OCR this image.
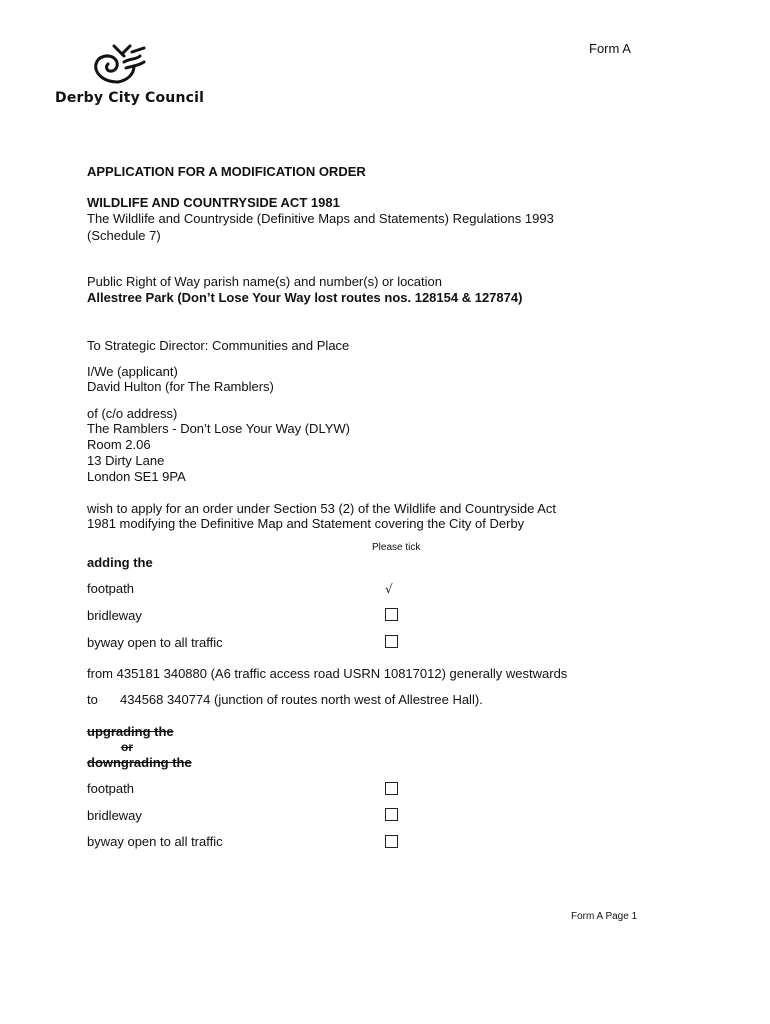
Derby City Council
Form A
APPLICATION FOR A MODIFICATION ORDER
WILDLIFE AND COUNTRYSIDE ACT 1981
The Wildlife and Countryside (Definitive Maps and Statements) Regulations 1993
(Schedule 7)
Public Right of Way parish name(s) and number(s) or location
Allestree Park (Don’t Lose Your Way lost routes nos. 128154 & 127874)
To Strategic Director: Communities and Place
I/We (applicant)
David Hulton (for The Ramblers)
of (c/o address)
The Ramblers - Don’t Lose Your Way (DLYW)
Room 2.06
13 Dirty Lane
London SE1 9PA
wish to apply for an order under Section 53 (2) of the Wildlife and Countryside Act
1981 modifying the Definitive Map and Statement covering the City of Derby
Please tick
adding the
footpath	√
bridleway
byway open to all traffic
from 435181 340880 (A6 traffic access road USRN 10817012) generally westwards
to 434568 340774 (junction of routes north west of Allestree Hall).
upgrading the
or
downgrading the
footpath
bridleway
byway open to all traffic
Form A Page 1
